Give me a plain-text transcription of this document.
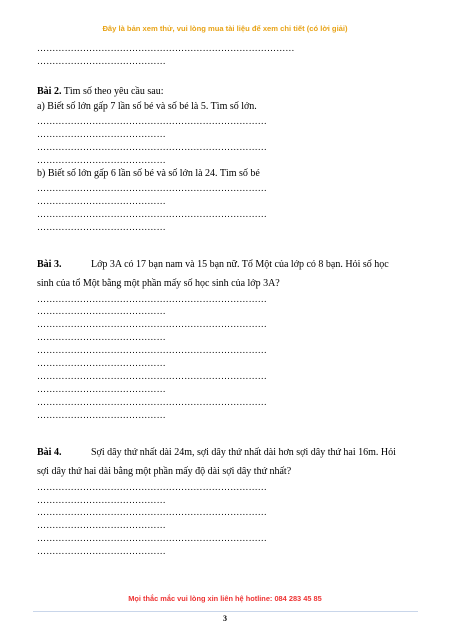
Đây là bản xem thử, vui lòng mua tài liệu để xem chi tiết (có lời giải)
…………………………………………………………………………
……………………………………
Bài 2. Tìm số theo yêu cầu sau:
a) Biết số lớn gấp 7 lần số bé và số bé là 5. Tìm số lớn.
…………………………………………………………………
……………………………………
…………………………………………………………………
……………………………………
b) Biết số lớn gấp 6 lần số bé và số lớn là 24. Tìm số bé
…………………………………………………………………
……………………………………
…………………………………………………………………
……………………………………
Bài 3.	Lớp 3A có 17 bạn nam và 15 bạn nữ. Tổ Một của lớp có 8 bạn. Hỏi số học
sinh của tổ Một bằng một phần mấy số học sinh của lớp 3A?
…………………………………………………………………
……………………………………
…………………………………………………………………
……………………………………
…………………………………………………………………
……………………………………
…………………………………………………………………
……………………………………
…………………………………………………………………
……………………………………
Bài 4.	Sợi dây thứ nhất dài 24m, sợi dây thứ nhất dài hơn sợi dây thứ hai 16m. Hỏi
sợi dây thứ hai dài bằng một phần mấy độ dài sợi dây thứ nhất?
…………………………………………………………………
……………………………………
…………………………………………………………………
……………………………………
…………………………………………………………………
……………………………………
Mọi thắc mắc vui lòng xin liên hệ hotline: 084 283 45 85
3
